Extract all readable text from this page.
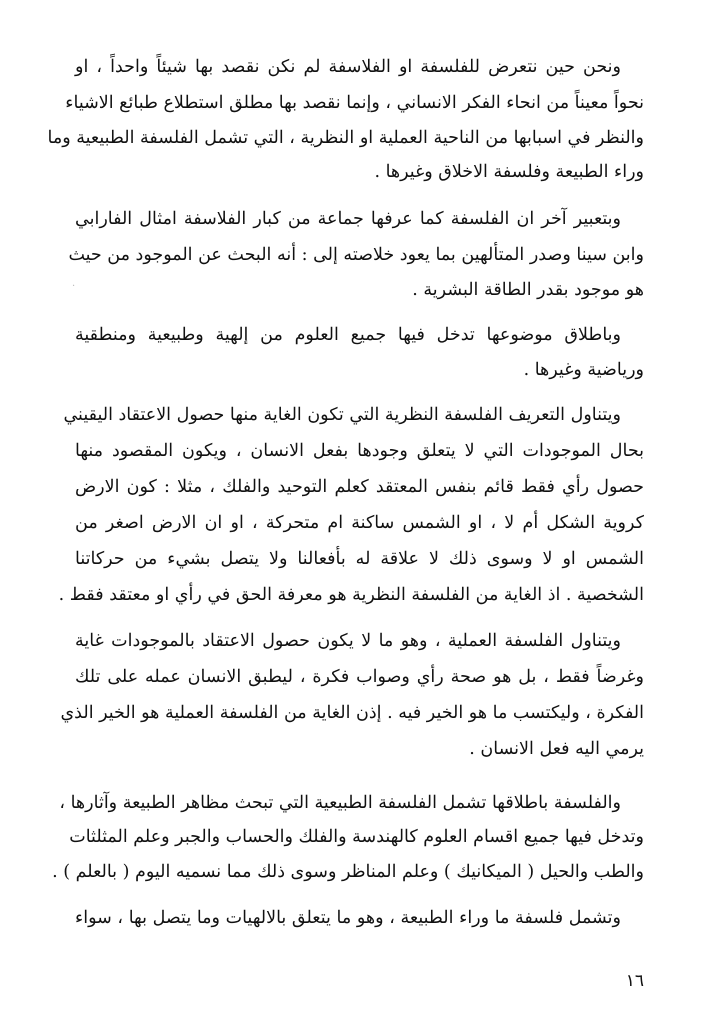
ونحن حين نتعرض للفلسفة او الفلاسفة لم نكن نقصد بها شيئاً واحداً ، او
نحواً معيناً من انحاء الفكر الانساني ، وإنما نقصد بها مطلق استطلاع طبائع الاشياء
والنظر في اسبابها من الناحية العملية او النظرية ، التي تشمل الفلسفة الطبيعية وما
وراء الطبيعة وفلسفة الاخلاق وغيرها .
وبتعبير آخر ان الفلسفة كما عرفها جماعة من كبار الفلاسفة امثال الفارابي
وابن سينا وصدر المتألهين بما يعود خلاصته إلى : أنه البحث عن الموجود من حيث
هو موجود بقدر الطاقة البشرية .
·
وباطلاق موضوعها تدخل فيها جميع العلوم من إلهية وطبيعية ومنطقية
ورياضية وغيرها .
ويتناول التعريف الفلسفة النظرية التي تكون الغاية منها حصول الاعتقاد اليقيني
بحال الموجودات التي لا يتعلق وجودها بفعل الانسان ، ويكون المقصود منها
حصول رأي فقط قائم بنفس المعتقد كعلم التوحيد والفلك ، مثلا : كون الارض
كروية الشكل أم لا ، او الشمس ساكنة ام متحركة ، او ان الارض اصغر من
الشمس او لا وسوى ذلك لا علاقة له بأفعالنا ولا يتصل بشيء من حركاتنا
الشخصية . اذ الغاية من الفلسفة النظرية هو معرفة الحق في رأي او معتقد فقط .
ويتناول الفلسفة العملية ، وهو ما لا يكون حصول الاعتقاد بالموجودات غاية
وغرضاً فقط ، بل هو صحة رأي وصواب فكرة ، ليطبق الانسان عمله على تلك
الفكرة ، وليكتسب ما هو الخير فيه . إذن الغاية من الفلسفة العملية هو الخير الذي
يرمي اليه فعل الانسان .
والفلسفة باطلاقها تشمل الفلسفة الطبيعية التي تبحث مظاهر الطبيعة وآثارها ،
وتدخل فيها جميع اقسام العلوم كالهندسة والفلك والحساب والجبر وعلم المثلثات
والطب والحيل ( الميكانيك ) وعلم المناظر وسوى ذلك مما نسميه اليوم ( بالعلم ) .
وتشمل فلسفة ما وراء الطبيعة ، وهو ما يتعلق بالالهيات وما يتصل بها ، سواء
١٦
